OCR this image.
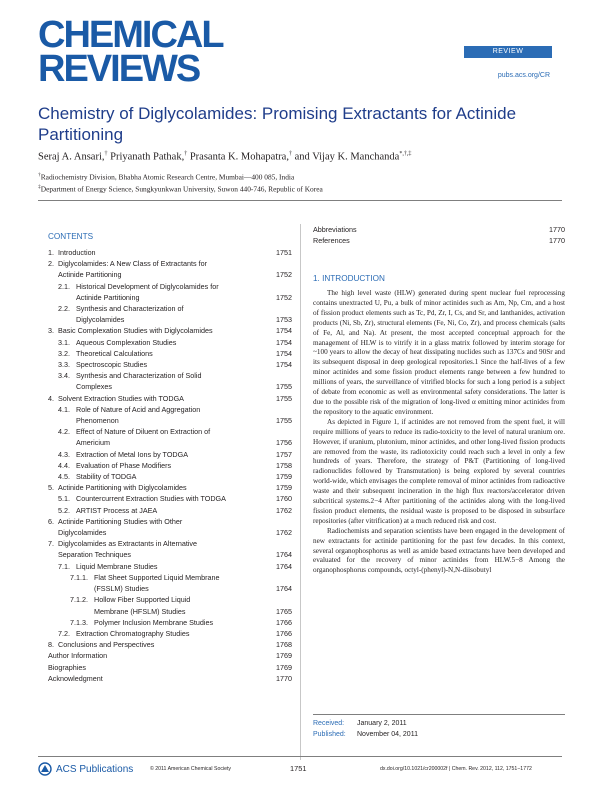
CHEMICAL
REVIEWS	REVIEW
pubs.acs.org/CR
Chemistry of Diglycolamides: Promising Extractants for Actinide Partitioning
Seraj A. Ansari,† Priyanath Pathak,† Prasanta K. Mohapatra,† and Vijay K. Manchanda*,†,‡
†Radiochemistry Division, Bhabha Atomic Research Centre, Mumbai—400 085, India
‡Department of Energy Science, Sungkyunkwan University, Suwon 440-746, Republic of Korea
CONTENTS
1. Introduction	1751
2. Diglycolamides: A New Class of Extractants for
Actinide Partitioning	1752
2.1. Historical Development of Diglycolamides for
Actinide Partitioning	1752
2.2. Synthesis and Characterization of
Diglycolamides	1753
3. Basic Complexation Studies with Diglycolamides	1754
3.1. Aqueous Complexation Studies	1754
3.2. Theoretical Calculations	1754
3.3. Spectroscopic Studies	1754
3.4. Synthesis and Characterization of Solid
Complexes	1755
4. Solvent Extraction Studies with TODGA	1755
4.1. Role of Nature of Acid and Aggregation
Phenomenon	1755
4.2. Effect of Nature of Diluent on Extraction of
Americium	1756
4.3. Extraction of Metal Ions by TODGA	1757
4.4. Evaluation of Phase Modifiers	1758
4.5. Stability of TODGA	1759
5. Actinide Partitioning with Diglycolamides	1759
5.1. Countercurrent Extraction Studies with TODGA	1760
5.2. ARTIST Process at JAEA	1762
6. Actinide Partitioning Studies with Other
Diglycolamides	1762
7. Diglycolamides as Extractants in Alternative
Separation Techniques	1764
7.1. Liquid Membrane Studies	1764
7.1.1. Flat Sheet Supported Liquid Membrane
(FSSLM) Studies	1764
7.1.2. Hollow Fiber Supported Liquid
Membrane (HFSLM) Studies	1765
7.1.3. Polymer Inclusion Membrane Studies	1766
7.2. Extraction Chromatography Studies	1766
8. Conclusions and Perspectives	1768
Author Information	1769
Biographies	1769
Acknowledgment	1770
Abbreviations	1770
References	1770
1. INTRODUCTION

The high level waste (HLW) generated during spent nuclear fuel reprocessing contains unextracted U, Pu, a bulk of minor actinides such as Am, Np, Cm, and a host of fission product elements such as Tc, Pd, Zr, I, Cs, and Sr, and lanthanides, activation products (Ni, Sb, Zr), structural elements (Fe, Ni, Co, Zr), and process chemicals (salts of Fe, Al, and Na). At present, the most accepted conceptual approach for the management of HLW is to vitrify it in a glass matrix followed by interim storage for ~100 years to allow the decay of heat dissipating nuclides such as 137Cs and 90Sr and its subsequent disposal in deep geological repositories.1 Since the half-lives of a few minor actinides and some fission product elements range between a few hundred to millions of years, the surveillance of vitrified blocks for such a long period is a subject of debate from economic as well as environmental safety considerations. The latter is due to the possible risk of the migration of long-lived α emitting minor actinides from the repository to the aquatic environment.

As depicted in Figure 1, if actinides are not removed from the spent fuel, it will require millions of years to reduce its radio-toxicity to the level of natural uranium ore. However, if uranium, plutonium, minor actinides, and other long-lived fission products are removed from the waste, its radiotoxicity could reach such a level in only a few hundreds of years. Therefore, the strategy of P&T (Partitioning of long-lived radionuclides followed by Transmutation) is being explored by several countries world-wide, which envisages the complete removal of minor actinides from radioactive waste and their subsequent incineration in the high flux reactors/accelerator driven subcritical systems.2−4 After partitioning of the actinides along with the long-lived fission product elements, the residual waste is proposed to be disposed in subsurface repositories (after vitrification) at a much reduced risk and cost.

Radiochemists and separation scientists have been engaged in the development of new extractants for actinide partitioning for the past few decades. In this context, several organophosphorus as well as amide based extractants have been developed and evaluated for the recovery of minor actinides from HLW.5−8 Among the organophosphorus compounds, octyl-(phenyl)-N,N-diisobutyl

Received: January 2, 2011
Published: November 04, 2011
ACS Publications	© 2011 American Chemical Society	1751	dx.doi.org/10.1021/cr200002f | Chem. Rev. 2012, 112, 1751−1772
